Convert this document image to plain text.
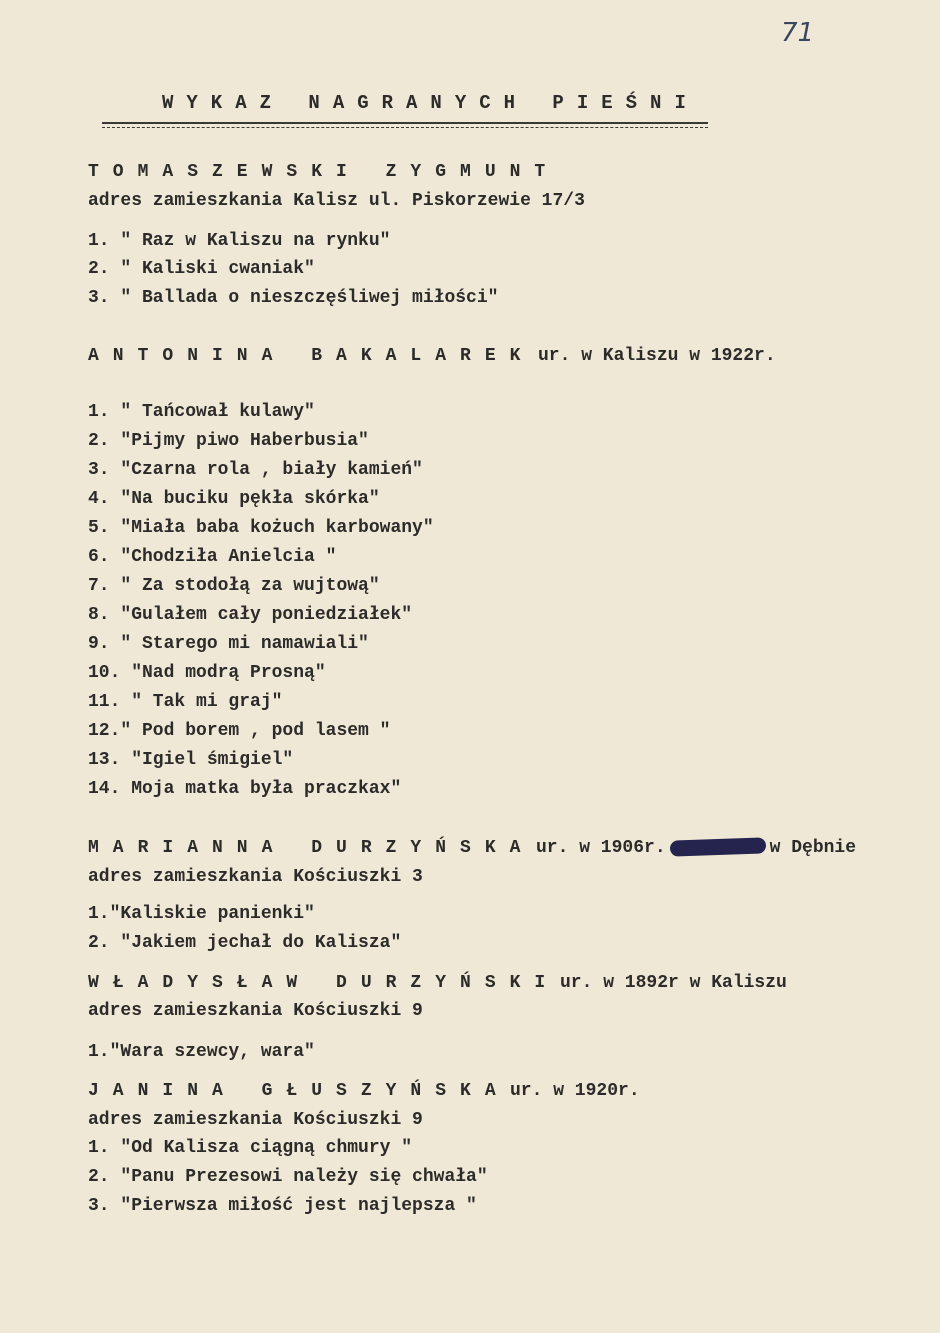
71
WYKAZ NAGRANYCH PIEŚNI
TOMASZEWSKI ZYGMUNT
adres zamieszkania Kalisz ul. Piskorzewie 17/3
1. " Raz w Kaliszu na rynku"
2. " Kaliski cwaniak"
3. " Ballada o nieszczęśliwej miłości"
ANTONINA BAKALAREK ur. w Kaliszu w 1922r.
1. " Tańcował kulawy"
2. "Pijmy piwo Haberbusia"
3. "Czarna rola , biały kamień"
4. "Na buciku pękła skórka"
5. "Miała baba kożuch karbowany"
6. "Chodziła Anielcia "
7. " Za stodołą za wujtową"
8. "Gulałem cały poniedziałek"
9. " Starego mi namawiali"
10. "Nad modrą Prosną"
11. " Tak mi graj"
12." Pod borem , pod lasem "
13. "Igiel śmigiel"
14. Moja matka była praczkax"
MARIANNA DURZYŃSKA ur. w 1906r.	w Dębnie
adres zamieszkania Kościuszki 3
1."Kaliskie panienki"
2. "Jakiem jechał do Kalisza"
WŁADYSŁAW DURZYŃSKI ur. w 1892r w Kaliszu
adres zamieszkania Kościuszki 9
1."Wara szewcy, wara"
JANINA GŁUSZYŃSKA ur. w 1920r.
adres zamieszkania Kościuszki 9
1. "Od Kalisza ciągną chmury "
2. "Panu Prezesowi należy się chwała"
3. "Pierwsza miłość jest najlepsza "
